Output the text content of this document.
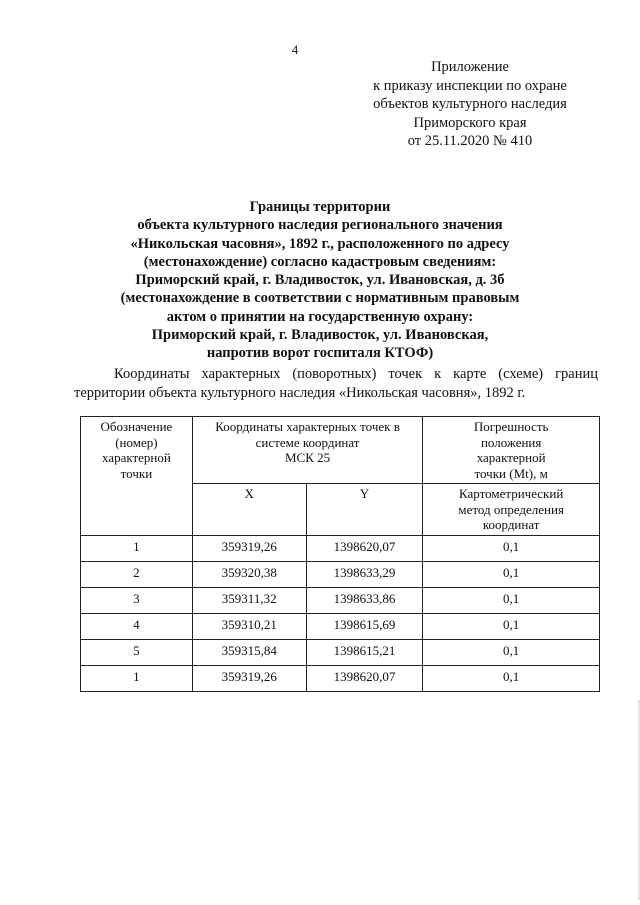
4
Приложение
к приказу инспекции по охране
объектов культурного наследия
Приморского края
от 25.11.2020 № 410
Границы территории
объекта культурного наследия регионального значения
«Никольская часовня», 1892 г., расположенного по адресу
(местонахождение) согласно кадастровым сведениям:
Приморский край, г. Владивосток, ул. Ивановская, д. 3б
(местонахождение в соответствии с нормативным правовым
актом о принятии на государственную охрану:
Приморский край, г. Владивосток, ул. Ивановская,
напротив ворот госпиталя КТОФ)
Координаты характерных (поворотных) точек к карте (схеме) границ
территории объекта культурного наследия «Никольская часовня», 1892 г.
Обозначение
(номер)
характерной
точки	Координаты характерных точек в
системе координат
МСК 25		Погрешность
положения
характерной
точки (Mt), м
	X	Y	Картометрический
метод определения
координат
1	359319,26	1398620,07	0,1
2	359320,38	1398633,29	0,1
3	359311,32	1398633,86	0,1
4	359310,21	1398615,69	0,1
5	359315,84	1398615,21	0,1
1	359319,26	1398620,07	0,1
